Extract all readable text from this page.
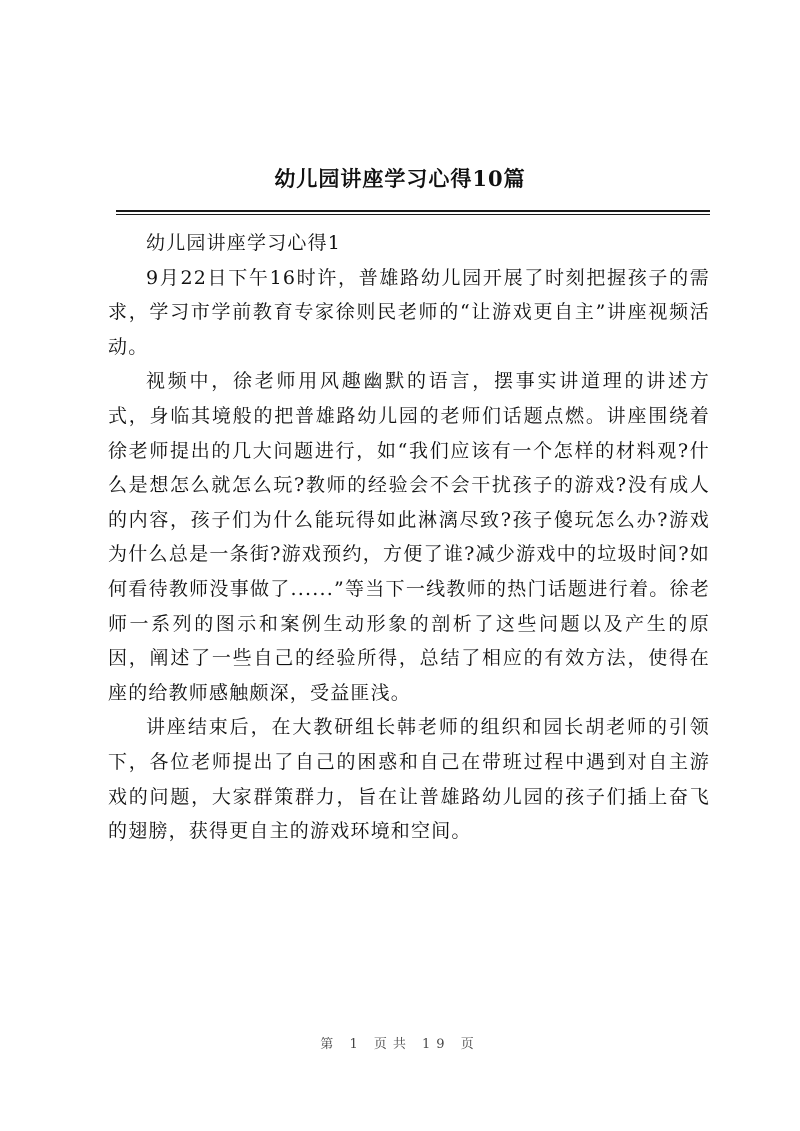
幼儿园讲座学习心得10篇

幼儿园讲座学习心得1

9月22日下午16时许，普雄路幼儿园开展了时刻把握孩子的需求，学习市学前教育专家徐则民老师的“让游戏更自主”讲座视频活动。

视频中，徐老师用风趣幽默的语言，摆事实讲道理的讲述方式，身临其境般的把普雄路幼儿园的老师们话题点燃。讲座围绕着徐老师提出的几大问题进行，如“我们应该有一个怎样的材料观?什么是想怎么就怎么玩?教师的经验会不会干扰孩子的游戏?没有成人的内容，孩子们为什么能玩得如此淋漓尽致?孩子傻玩怎么办?游戏为什么总是一条街?游戏预约，方便了谁?减少游戏中的垃圾时间?如何看待教师没事做了......”等当下一线教师的热门话题进行着。徐老师一系列的图示和案例生动形象的剖析了这些问题以及产生的原因，阐述了一些自己的经验所得，总结了相应的有效方法，使得在座的给教师感触颇深，受益匪浅。

讲座结束后，在大教研组长韩老师的组织和园长胡老师的引领下，各位老师提出了自己的困惑和自己在带班过程中遇到对自主游戏的问题，大家群策群力，旨在让普雄路幼儿园的孩子们插上奋飞的翅膀，获得更自主的游戏环境和空间。

第 1 页共 19 页
